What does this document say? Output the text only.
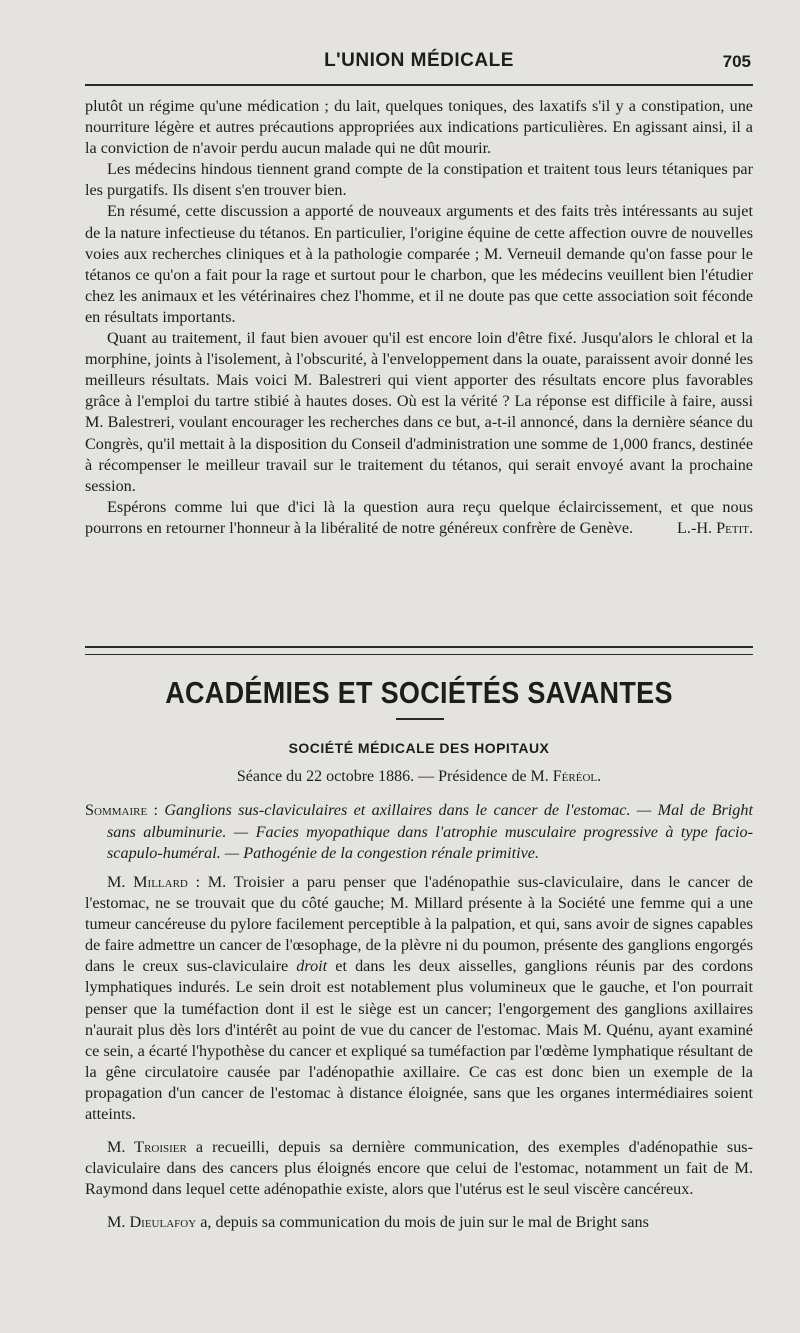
L'UNION MÉDICALE	705

plutôt un régime qu'une médication ; du lait, quelques toniques, des laxatifs s'il y a constipation, une nourriture légère et autres précautions appropriées aux indications particulières. En agissant ainsi, il a la conviction de n'avoir perdu aucun malade qui ne dût mourir.

Les médecins hindous tiennent grand compte de la constipation et traitent tous leurs tétaniques par les purgatifs. Ils disent s'en trouver bien.

En résumé, cette discussion a apporté de nouveaux arguments et des faits très intéressants au sujet de la nature infectieuse du tétanos. En particulier, l'origine équine de cette affection ouvre de nouvelles voies aux recherches cliniques et à la pathologie comparée ; M. Verneuil demande qu'on fasse pour le tétanos ce qu'on a fait pour la rage et surtout pour le charbon, que les médecins veuillent bien l'étudier chez les animaux et les vétérinaires chez l'homme, et il ne doute pas que cette association soit féconde en résultats importants.

Quant au traitement, il faut bien avouer qu'il est encore loin d'être fixé. Jusqu'alors le chloral et la morphine, joints à l'isolement, à l'obscurité, à l'enveloppement dans la ouate, paraissent avoir donné les meilleurs résultats. Mais voici M. Balestreri qui vient apporter des résultats encore plus favorables grâce à l'emploi du tartre stibié à hautes doses. Où est la vérité ? La réponse est difficile à faire, aussi M. Balestreri, voulant encourager les recherches dans ce but, a-t-il annoncé, dans la dernière séance du Congrès, qu'il mettait à la disposition du Conseil d'administration une somme de 1,000 francs, destinée à récompenser le meilleur travail sur le traitement du tétanos, qui serait envoyé avant la prochaine session.

Espérons comme lui que d'ici là la question aura reçu quelque éclaircissement, et que nous pourrons en retourner l'honneur à la libéralité de notre généreux confrère de Genève.	L.-H. Petit.

ACADÉMIES ET SOCIÉTÉS SAVANTES
SOCIÉTÉ MÉDICALE DES HOPITAUX
Séance du 22 octobre 1886. — Présidence de M. Féréol.
Sommaire : Ganglions sus-claviculaires et axillaires dans le cancer de l'estomac. — Mal de Bright sans albuminurie. — Facies myopathique dans l'atrophie musculaire progressive à type facio-scapulo-huméral. — Pathogénie de la congestion rénale primitive.

M. Millard : M. Troisier a paru penser que l'adénopathie sus-claviculaire, dans le cancer de l'estomac, ne se trouvait que du côté gauche; M. Millard présente à la Société une femme qui a une tumeur cancéreuse du pylore facilement perceptible à la palpation, et qui, sans avoir de signes capables de faire admettre un cancer de l'œsophage, de la plèvre ni du poumon, présente des ganglions engorgés dans le creux sus-claviculaire droit et dans les deux aisselles, ganglions réunis par des cordons lymphatiques indurés. Le sein droit est notablement plus volumineux que le gauche, et l'on pourrait penser que la tuméfaction dont il est le siège est un cancer; l'engorgement des ganglions axillaires n'aurait plus dès lors d'intérêt au point de vue du cancer de l'estomac. Mais M. Quénu, ayant examiné ce sein, a écarté l'hypothèse du cancer et expliqué sa tuméfaction par l'œdème lymphatique résultant de la gêne circulatoire causée par l'adénopathie axillaire. Ce cas est donc bien un exemple de la propagation d'un cancer de l'estomac à distance éloignée, sans que les organes intermédiaires soient atteints.

M. Troisier a recueilli, depuis sa dernière communication, des exemples d'adénopathie sus-claviculaire dans des cancers plus éloignés encore que celui de l'estomac, notamment un fait de M. Raymond dans lequel cette adénopathie existe, alors que l'utérus est le seul viscère cancéreux.

M. Dieulafoy a, depuis sa communication du mois de juin sur le mal de Bright sans
